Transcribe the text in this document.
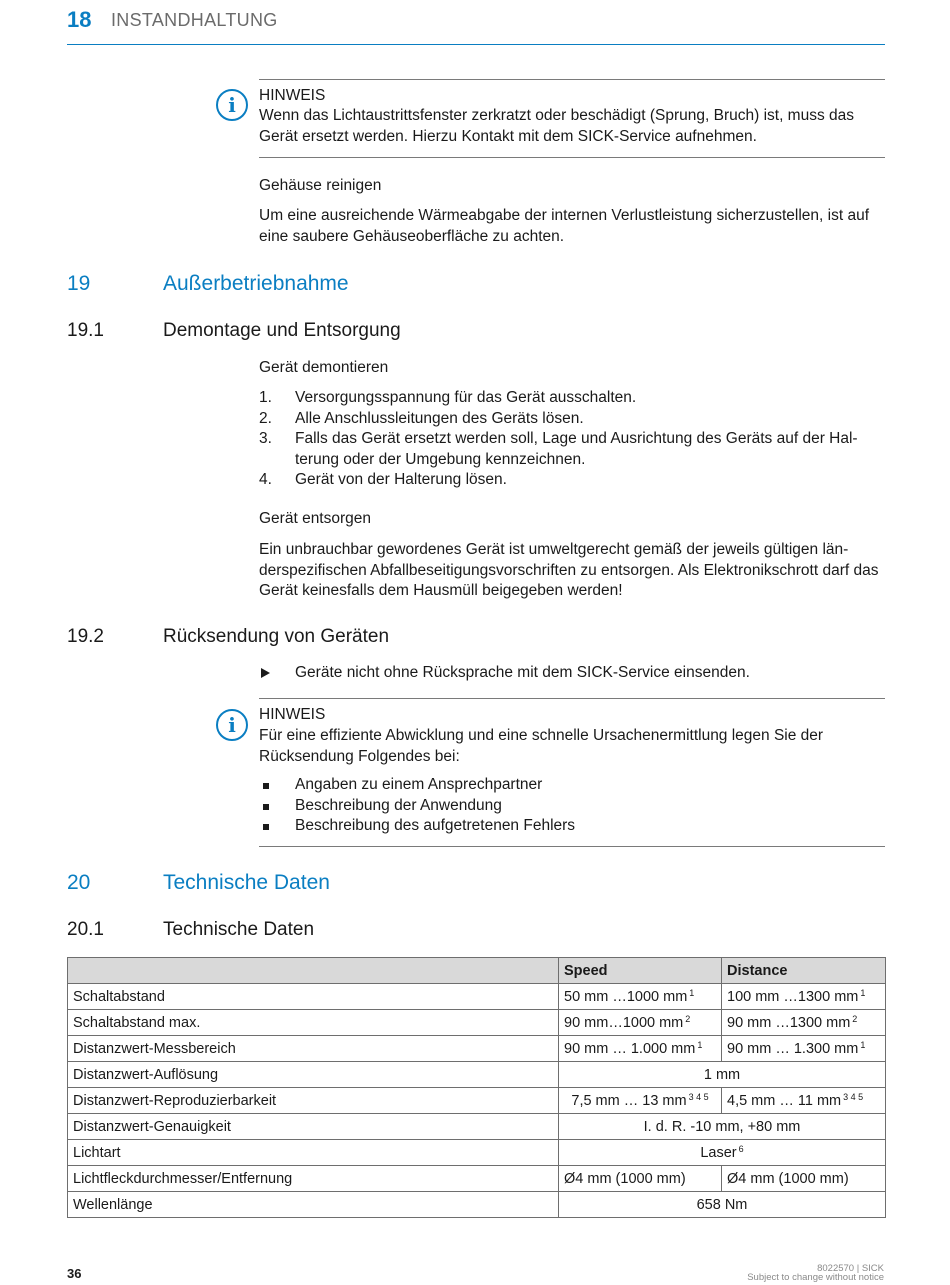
18 INSTANDHALTUNG
i	HINWEIS
Wenn das Lichtaustrittsfenster zerkratzt oder beschädigt (Sprung, Bruch) ist, muss das Gerät ersetzt werden. Hierzu Kontakt mit dem SICK-Service aufnehmen.
Gehäuse reinigen
Um eine ausreichende Wärmeabgabe der internen Verlustleistung sicherzustellen, ist auf eine saubere Gehäuseoberfläche zu achten.
19	Außerbetriebnahme
19.1	Demontage und Entsorgung
Gerät demontieren
1. Versorgungsspannung für das Gerät ausschalten.
2. Alle Anschlussleitungen des Geräts lösen.
3. Falls das Gerät ersetzt werden soll, Lage und Ausrichtung des Geräts auf der Hal-terung oder der Umgebung kennzeichnen.
4. Gerät von der Halterung lösen.
Gerät entsorgen
Ein unbrauchbar gewordenes Gerät ist umweltgerecht gemäß der jeweils gültigen län-derspezifischen Abfallbeseitigungsvorschriften zu entsorgen. Als Elektronikschrott darf das Gerät keinesfalls dem Hausmüll beigegeben werden!
19.2	Rücksendung von Geräten
Geräte nicht ohne Rücksprache mit dem SICK-Service einsenden.
i	HINWEIS
Für eine effiziente Abwicklung und eine schnelle Ursachenermittlung legen Sie der Rücksendung Folgendes bei:
Angaben zu einem Ansprechpartner
Beschreibung der Anwendung
Beschreibung des aufgetretenen Fehlers
20	Technische Daten
20.1	Technische Daten
	Speed	Distance
Schaltabstand	50 mm …1000 mm $^1$	100 mm …1300 mm $^1$
Schaltabstand max.	90 mm…1000 mm $^2$	90 mm …1300 mm $^2$
Distanzwert-Messbereich	90 mm … 1.000 mm $^1$	90 mm … 1.300 mm $^1$
Distanzwert-Auflösung	1 mm	
Distanzwert-Reproduzierbarkeit	7,5 mm … 13 mm $^{3 4 5}$	4,5 mm … 11 mm $^{3 4 5}$
Distanzwert-Genauigkeit	I. d. R. -10 mm, +80 mm	
Lichtart	Laser $^6$
Lichtfleckdurchmesser/Entfernung	Ø4 mm (1000 mm)	Ø4 mm (1000 mm)
Wellenlänge	658 Nm	
36	8022570 | SICK
Subject to change without notice
